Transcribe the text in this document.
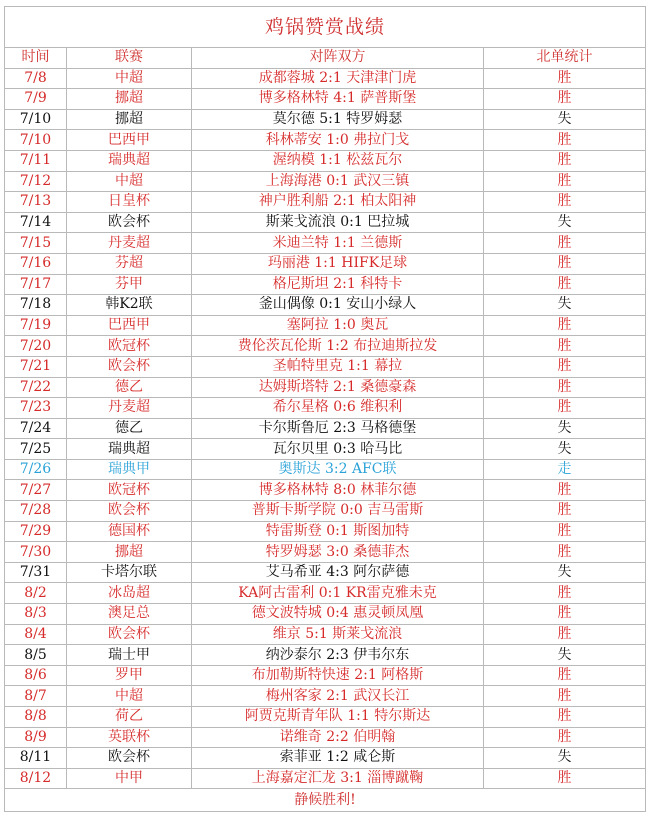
鸡锅赞赏战绩			
时间	联赛	对阵双方	北单统计
7/8	中超	成都蓉城 2:1 天津津门虎	胜
7/9	挪超	博多格林特 4:1 萨普斯堡	胜
7/10	挪超	莫尔德 5:1 特罗姆瑟	失
7/10	巴西甲	科林蒂安 1:0 弗拉门戈	胜
7/11	瑞典超	渥纳模 1:1 松兹瓦尔	胜
7/12	中超	上海海港 0:1 武汉三镇	胜
7/13	日皇杯	神户胜利船 2:1 柏太阳神	胜
7/14	欧会杯	斯莱戈流浪 0:1 巴拉城	失
7/15	丹麦超	米迪兰特 1:1 兰德斯	胜
7/16	芬超	玛丽港 1:1 HIFK足球	胜
7/17	芬甲	格尼斯坦 2:1 科特卡	胜
7/18	韩K2联	釜山偶像 0:1 安山小绿人	失
7/19	巴西甲	塞阿拉 1:0 奥瓦	胜
7/20	欧冠杯	费伦茨瓦伦斯 1:2 布拉迪斯拉发	胜
7/21	欧会杯	圣帕特里克 1:1 幕拉	胜
7/22	德乙	达姆斯塔特 2:1 桑德豪森	胜
7/23	丹麦超	希尔星格 0:6 维积利	胜
7/24	德乙	卡尔斯鲁厄 2:3 马格德堡	失
7/25	瑞典超	瓦尔贝里 0:3 哈马比	失
7/26	瑞典甲	奥斯达 3:2 AFC联	走
7/27	欧冠杯	博多格林特 8:0 林菲尔德	胜
7/28	欧会杯	普斯卡斯学院 0:0 吉马雷斯	胜
7/29	德国杯	特雷斯登 0:1 斯图加特	胜
7/30	挪超	特罗姆瑟 3:0 桑德菲杰	胜
7/31	卡塔尔联	艾马希亚 4:3 阿尔萨德	失
8/2	冰岛超	KA阿古雷利 0:1 KR雷克雅未克	胜
8/3	澳足总	德文波特城 0:4 惠灵顿凤凰	胜
8/4	欧会杯	维京 5:1 斯莱戈流浪	胜
8/5	瑞士甲	纳沙泰尔 2:3 伊韦尔东	失
8/6	罗甲	布加勒斯特快速 2:1 阿格斯	胜
8/7	中超	梅州客家 2:1 武汉长江	胜
8/8	荷乙	阿贾克斯青年队 1:1 特尔斯达	胜
8/9	英联杯	诺维奇 2:2 伯明翰	胜
8/11	欧会杯	索菲亚 1:2 咸仑斯	失
8/12	中甲	上海嘉定汇龙 3:1 淄博蹴鞠	胜
静候胜利!			
